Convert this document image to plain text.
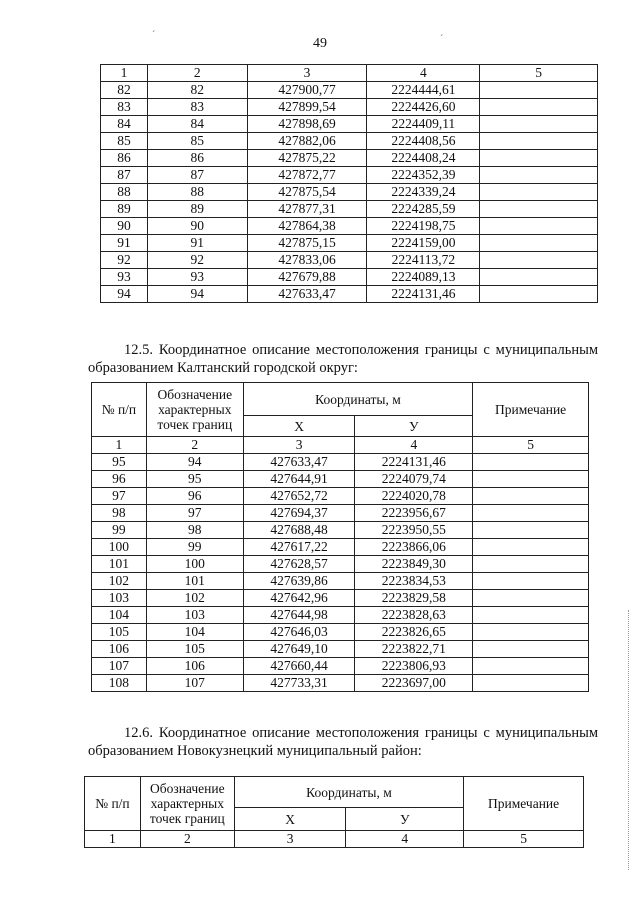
´	´
49
1	2	3	4	5
82	82	427900,77	2224444,61	
83	83	427899,54	2224426,60	
84	84	427898,69	2224409,11	
85	85	427882,06	2224408,56	
86	86	427875,22	2224408,24	
87	87	427872,77	2224352,39	
88	88	427875,54	2224339,24	
89	89	427877,31	2224285,59	
90	90	427864,38	2224198,75	
91	91	427875,15	2224159,00	
92	92	427833,06	2224113,72	
93	93	427679,88	2224089,13	
94	94	427633,47	2224131,46	
12.5. Координатное описание местоположения границы с муниципальным образованием Калтанский городской округ:
№ п/п	Обозначение характерных точек границ	Координаты, м		Примечание
		X	У	
1	2	3	4	5
95	94	427633,47	2224131,46	
96	95	427644,91	2224079,74	
97	96	427652,72	2224020,78	
98	97	427694,37	2223956,67	
99	98	427688,48	2223950,55	
100	99	427617,22	2223866,06	
101	100	427628,57	2223849,30	
102	101	427639,86	2223834,53	
103	102	427642,96	2223829,58	
104	103	427644,98	2223828,63	
105	104	427646,03	2223826,65	
106	105	427649,10	2223822,71	
107	106	427660,44	2223806,93	
108	107	427733,31	2223697,00	
12.6. Координатное описание местоположения границы с муниципальным образованием Новокузнецкий муниципальный район:
№ п/п	Обозначение характерных точек границ	Координаты, м		Примечание
		X	У	
1	2	3	4	5
